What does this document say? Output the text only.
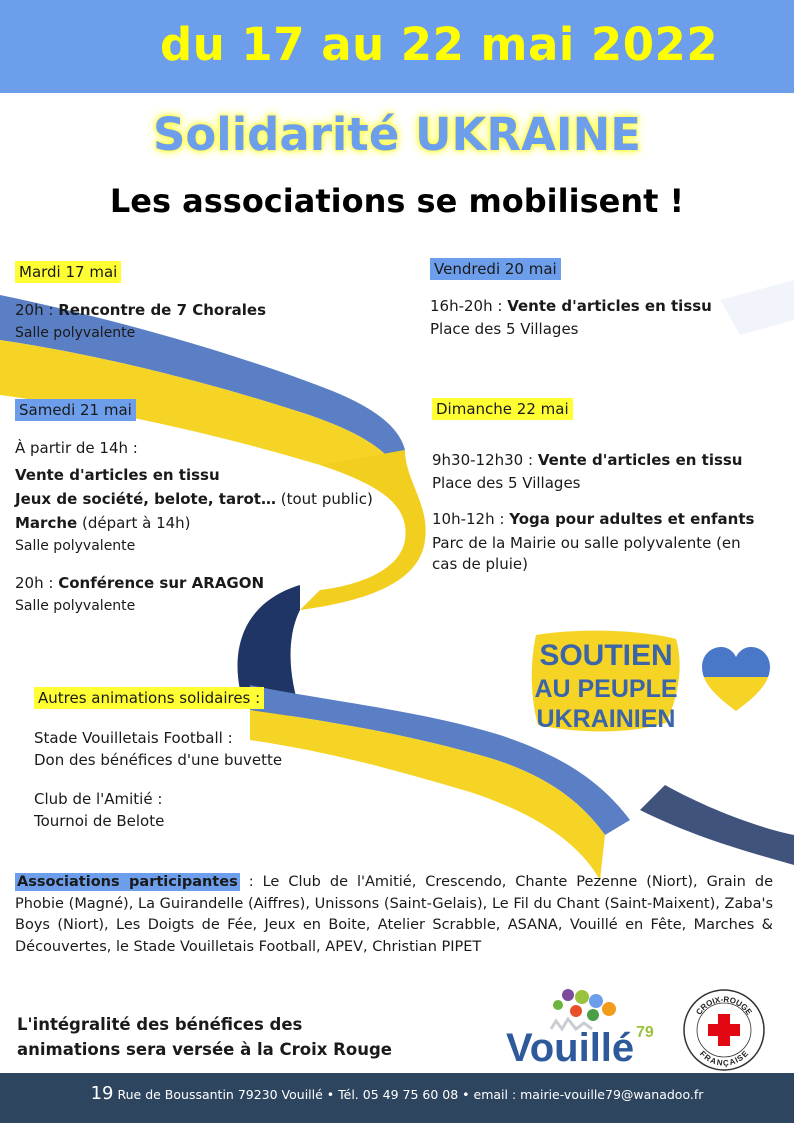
du 17 au 22 mai 2022
Solidarité UKRAINE
Les associations se mobilisent !
Mardi 17 mai
20h : Rencontre de 7 Chorales
Salle polyvalente
Vendredi 20 mai
16h-20h : Vente d'articles en tissu
Place des 5 Villages
Samedi 21 mai
À partir de 14h :
Vente d'articles en tissu
Jeux de société, belote, tarot… (tout public)
Marche (départ à 14h)
Salle polyvalente
20h : Conférence sur ARAGON
Salle polyvalente
Dimanche 22 mai
9h30-12h30 : Vente d'articles en tissu
Place des 5 Villages
10h-12h : Yoga pour adultes et enfants
Parc de la Mairie ou salle polyvalente (en
cas de pluie)
SOUTIEN
AU PEUPLE
UKRAINIEN
Autres animations solidaires :
Stade Vouilletais Football :
Don des bénéfices d'une buvette
Club de l'Amitié :
Tournoi de Belote
Associations participantes : Le Club de l'Amitié, Crescendo, Chante Pezenne (Niort), Grain de Phobie (Magné), La Guirandelle (Aiffres), Unissons (Saint-Gelais), Le Fil du Chant (Saint-Maixent), Zaba's Boys (Niort), Les Doigts de Fée, Jeux en Boite, Atelier Scrabble, ASANA, Vouillé en Fête, Marches & Découvertes, le Stade Vouilletais Football, APEV, Christian PIPET
L'intégralité des bénéfices des
animations sera versée à la Croix Rouge	Vouillé 79
CROIX-ROUGE
FRANÇAISE
19 Rue de Boussantin 79230 Vouillé • Tél. 05 49 75 60 08 • email : mairie-vouille79@wanadoo.fr
